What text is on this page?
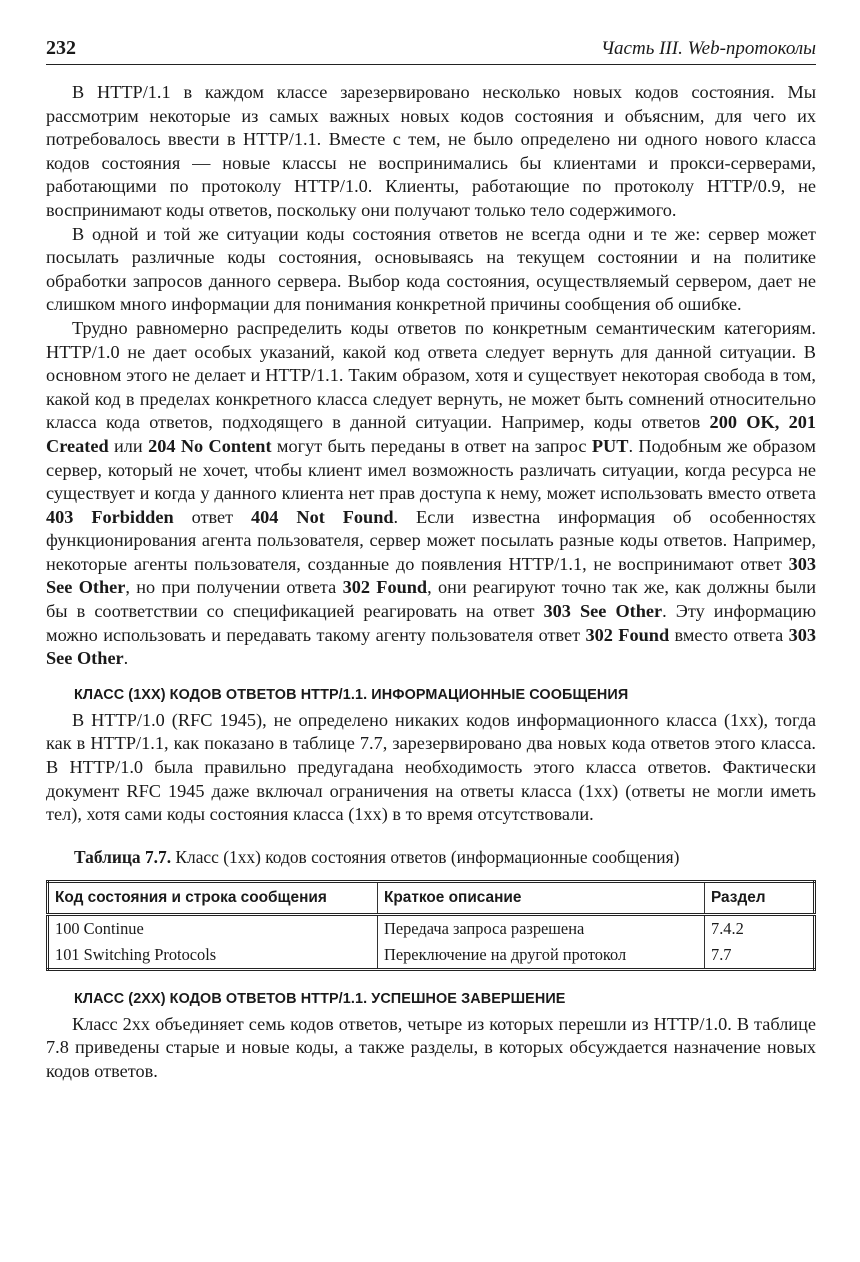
232	Часть III. Web-протоколы

В HTTP/1.1 в каждом классе зарезервировано несколько новых кодов состояния. Мы рассмотрим некоторые из самых важных новых кодов состояния и объясним, для чего их потребовалось ввести в HTTP/1.1. Вместе с тем, не было определено ни одного нового класса кодов состояния — новые классы не воспринимались бы клиентами и прокси-серверами, работающими по протоколу HTTP/1.0. Клиенты, работающие по протоколу HTTP/0.9, не воспринимают коды ответов, поскольку они получают только тело содержимого.

В одной и той же ситуации коды состояния ответов не всегда одни и те же: сервер может посылать различные коды состояния, основываясь на текущем состоянии и на политике обработки запросов данного сервера. Выбор кода состояния, осуществляемый сервером, дает не слишком много информации для понимания конкретной причины сообщения об ошибке.

Трудно равномерно распределить коды ответов по конкретным семантическим категориям. HTTP/1.0 не дает особых указаний, какой код ответа следует вернуть для данной ситуации. В основном этого не делает и HTTP/1.1. Таким образом, хотя и существует некоторая свобода в том, какой код в пределах конкретного класса следует вернуть, не может быть сомнений относительно класса кода ответов, подходящего в данной ситуации. Например, коды ответов 200 OK, 201 Created или 204 No Content могут быть переданы в ответ на запрос PUT. Подобным же образом сервер, который не хочет, чтобы клиент имел возможность различать ситуации, когда ресурса не существует и когда у данного клиента нет прав доступа к нему, может использовать вместо ответа 403 Forbidden ответ 404 Not Found. Если известна информация об особенностях функционирования агента пользователя, сервер может посылать разные коды ответов. Например, некоторые агенты пользователя, созданные до появления HTTP/1.1, не воспринимают ответ 303 See Other, но при получении ответа 302 Found, они реагируют точно так же, как должны были бы в соответствии со спецификацией реагировать на ответ 303 See Other. Эту информацию можно использовать и передавать такому агенту пользователя ответ 302 Found вместо ответа 303 See Other.

КЛАСС (1XX) КОДОВ ОТВЕТОВ HTTP/1.1. ИНФОРМАЦИОННЫЕ СООБЩЕНИЯ

В HTTP/1.0 (RFC 1945), не определено никаких кодов информационного класса (1xx), тогда как в HTTP/1.1, как показано в таблице 7.7, зарезервировано два новых кода ответов этого класса. В HTTP/1.0 была правильно предугадана необходимость этого класса ответов. Фактически документ RFC 1945 даже включал ограничения на ответы класса (1xx) (ответы не могли иметь тел), хотя сами коды состояния класса (1xx) в то время отсутствовали.

Таблица 7.7. Класс (1xx) кодов состояния ответов (информационные сообщения)
Код состояния и строка сообщения	Краткое описание	Раздел
100 Continue	Передача запроса разрешена	7.4.2
101 Switching Protocols	Переключение на другой протокол	7.7
КЛАСС (2XX) КОДОВ ОТВЕТОВ HTTP/1.1. УСПЕШНОЕ ЗАВЕРШЕНИЕ

Класс 2xx объединяет семь кодов ответов, четыре из которых перешли из HTTP/1.0. В таблице 7.8 приведены старые и новые коды, а также разделы, в которых обсуждается назначение новых кодов ответов.
